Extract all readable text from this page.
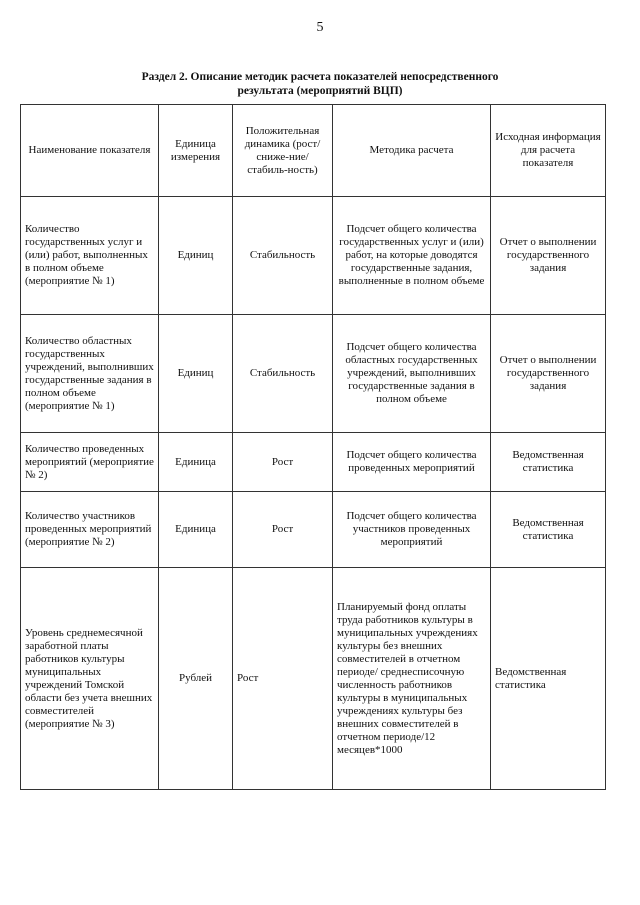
5
Раздел 2. Описание методик расчета показателей непосредственного
результата (мероприятий ВЦП)
Наименование показателя	Единица измерения	Положительная динамика (рост/сниже-ние/стабиль-ность)	Методика расчета	Исходная информация для расчета показателя
Количество государственных услуг и (или) работ, выполненных в полном объеме (мероприятие № 1)	Единиц	Стабильность	Подсчет общего количества государственных услуг и (или) работ, на которые доводятся государственные задания, выполненные в полном объеме	Отчет о выполнении государственного задания
Количество областных государственных учреждений, выполнивших государственные задания в полном объеме (мероприятие № 1)	Единиц	Стабильность	Подсчет общего количества областных государственных учреждений, выполнивших государственные задания в полном объеме	Отчет о выполнении государственного задания
Количество проведенных мероприятий (мероприятие № 2)	Единица	Рост	Подсчет общего количества проведенных мероприятий	Ведомственная статистика
Количество участников проведенных мероприятий (мероприятие № 2)	Единица	Рост	Подсчет общего количества участников проведенных мероприятий	Ведомственная статистика
Уровень среднемесячной заработной платы работников культуры муниципальных учреждений Томской области без учета внешних совместителей (мероприятие № 3)	Рублей	Рост	Планируемый фонд оплаты труда работников культуры в муниципальных учреждениях культуры без внешних совместителей в отчетном периоде/ среднесписочную численность работников культуры в муниципальных учреждениях культуры без внешних совместителей в отчетном периоде/12 месяцев*1000	Ведомственная статистика
